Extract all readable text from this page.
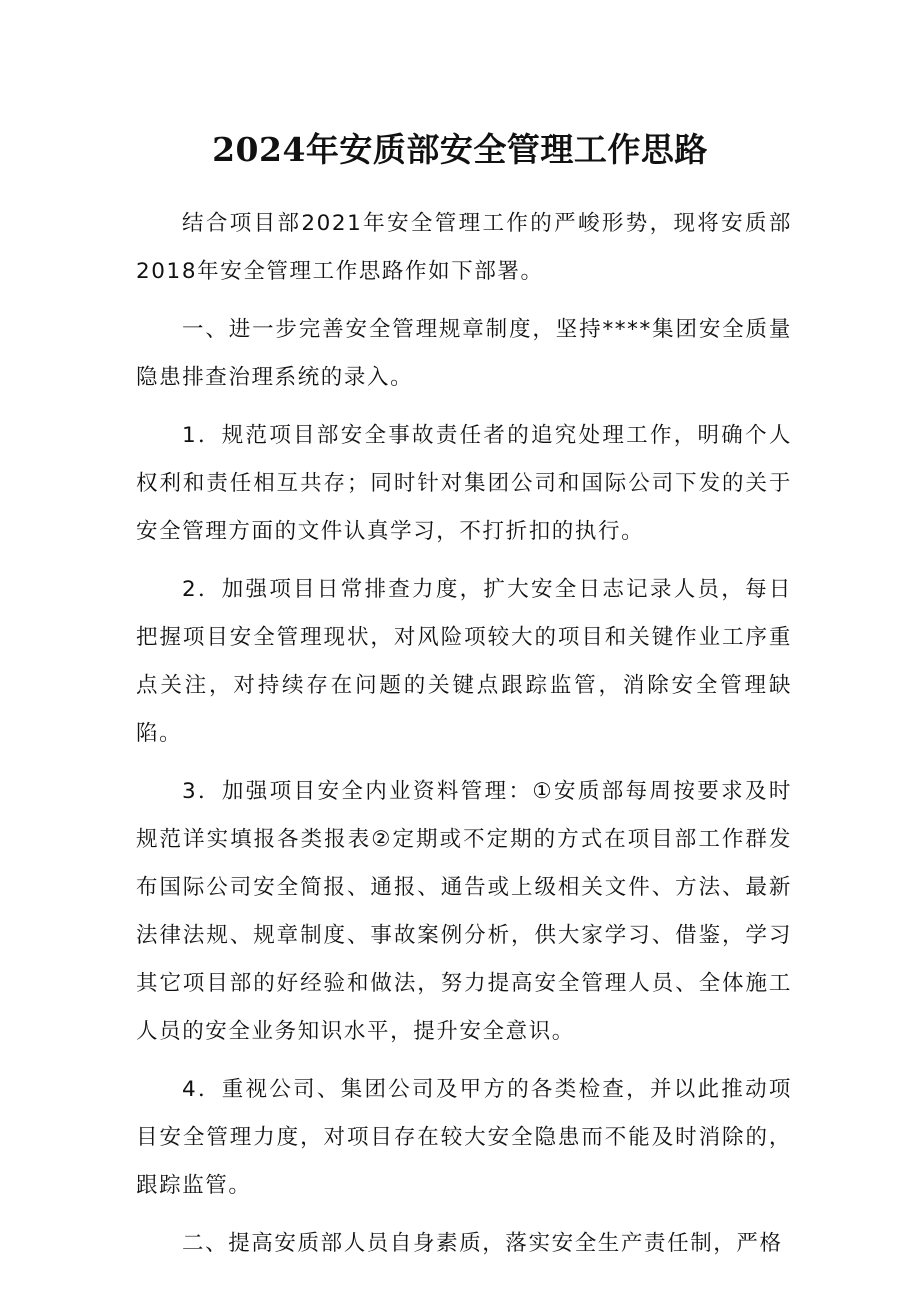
2024年安质部安全管理工作思路

结合项目部2021年安全管理工作的严峻形势，现将安质部2018年安全管理工作思路作如下部署。

一、进一步完善安全管理规章制度，坚持****集团安全质量隐患排查治理系统的录入。

1．规范项目部安全事故责任者的追究处理工作，明确个人权利和责任相互共存；同时针对集团公司和国际公司下发的关于安全管理方面的文件认真学习，不打折扣的执行。

2．加强项目日常排查力度，扩大安全日志记录人员，每日把握项目安全管理现状，对风险项较大的项目和关键作业工序重点关注，对持续存在问题的关键点跟踪监管，消除安全管理缺陷。

3．加强项目安全内业资料管理：①安质部每周按要求及时规范详实填报各类报表②定期或不定期的方式在项目部工作群发布国际公司安全简报、通报、通告或上级相关文件、方法、最新法律法规、规章制度、事故案例分析，供大家学习、借鉴，学习其它项目部的好经验和做法，努力提高安全管理人员、全体施工人员的安全业务知识水平，提升安全意识。

4．重视公司、集团公司及甲方的各类检查，并以此推动项目安全管理力度，对项目存在较大安全隐患而不能及时消除的，跟踪监管。

二、提高安质部人员自身素质，落实安全生产责任制，严格
